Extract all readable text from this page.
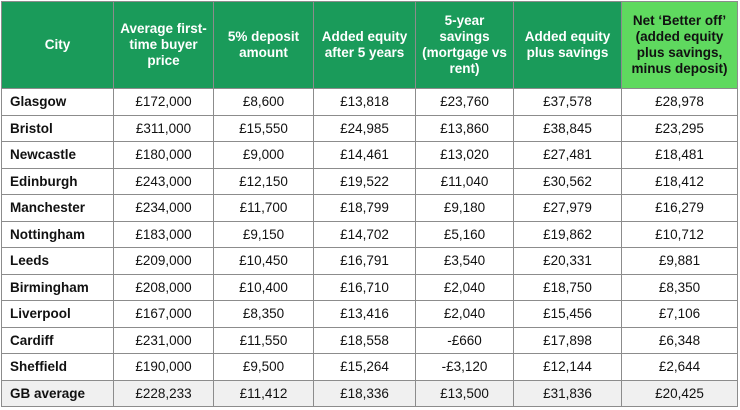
City	Average first-time buyer price	5% deposit amount	Added equity after 5 years	5-year savings (mortgage vs rent)	Added equity plus savings	Net ‘Better off’ (added equity plus savings, minus deposit)
Glasgow	£172,000	£8,600	£13,818	£23,760	£37,578	£28,978
Bristol	£311,000	£15,550	£24,985	£13,860	£38,845	£23,295
Newcastle	£180,000	£9,000	£14,461	£13,020	£27,481	£18,481
Edinburgh	£243,000	£12,150	£19,522	£11,040	£30,562	£18,412
Manchester	£234,000	£11,700	£18,799	£9,180	£27,979	£16,279
Nottingham	£183,000	£9,150	£14,702	£5,160	£19,862	£10,712
Leeds	£209,000	£10,450	£16,791	£3,540	£20,331	£9,881
Birmingham	£208,000	£10,400	£16,710	£2,040	£18,750	£8,350
Liverpool	£167,000	£8,350	£13,416	£2,040	£15,456	£7,106
Cardiff	£231,000	£11,550	£18,558	-£660	£17,898	£6,348
Sheffield	£190,000	£9,500	£15,264	-£3,120	£12,144	£2,644
GB average	£228,233	£11,412	£18,336	£13,500	£31,836	£20,425
